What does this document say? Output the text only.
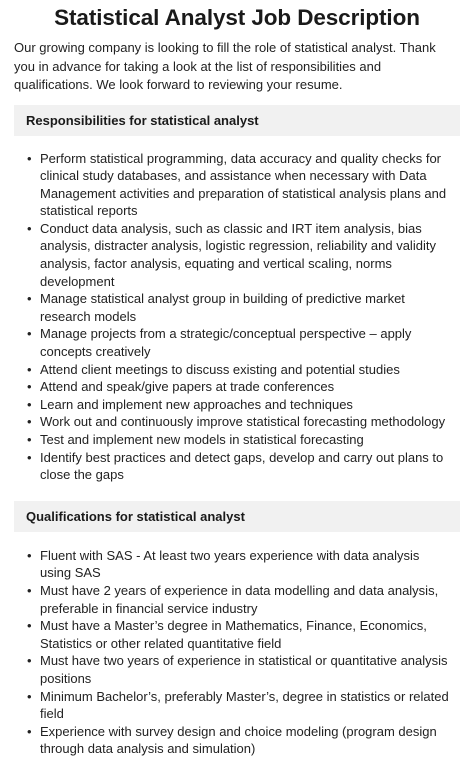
Statistical Analyst Job Description

Our growing company is looking to fill the role of statistical analyst. Thank you in advance for taking a look at the list of responsibilities and qualifications. We look forward to reviewing your resume.

Responsibilities for statistical analyst
• Perform statistical programming, data accuracy and quality checks for clinical study databases, and assistance when necessary with Data Management activities and preparation of statistical analysis plans and statistical reports
• Conduct data analysis, such as classic and IRT item analysis, bias analysis, distracter analysis, logistic regression, reliability and validity analysis, factor analysis, equating and vertical scaling, norms development
• Manage statistical analyst group in building of predictive market research models
• Manage projects from a strategic/conceptual perspective – apply concepts creatively
• Attend client meetings to discuss existing and potential studies
• Attend and speak/give papers at trade conferences
• Learn and implement new approaches and techniques
• Work out and continuously improve statistical forecasting methodology
• Test and implement new models in statistical forecasting
• Identify best practices and detect gaps, develop and carry out plans to close the gaps
Qualifications for statistical analyst
• Fluent with SAS - At least two years experience with data analysis using SAS
• Must have 2 years of experience in data modelling and data analysis, preferable in financial service industry
• Must have a Master’s degree in Mathematics, Finance, Economics, Statistics or other related quantitative field
• Must have two years of experience in statistical or quantitative analysis positions
• Minimum Bachelor’s, preferably Master’s, degree in statistics or related field
• Experience with survey design and choice modeling (program design through data analysis and simulation)
